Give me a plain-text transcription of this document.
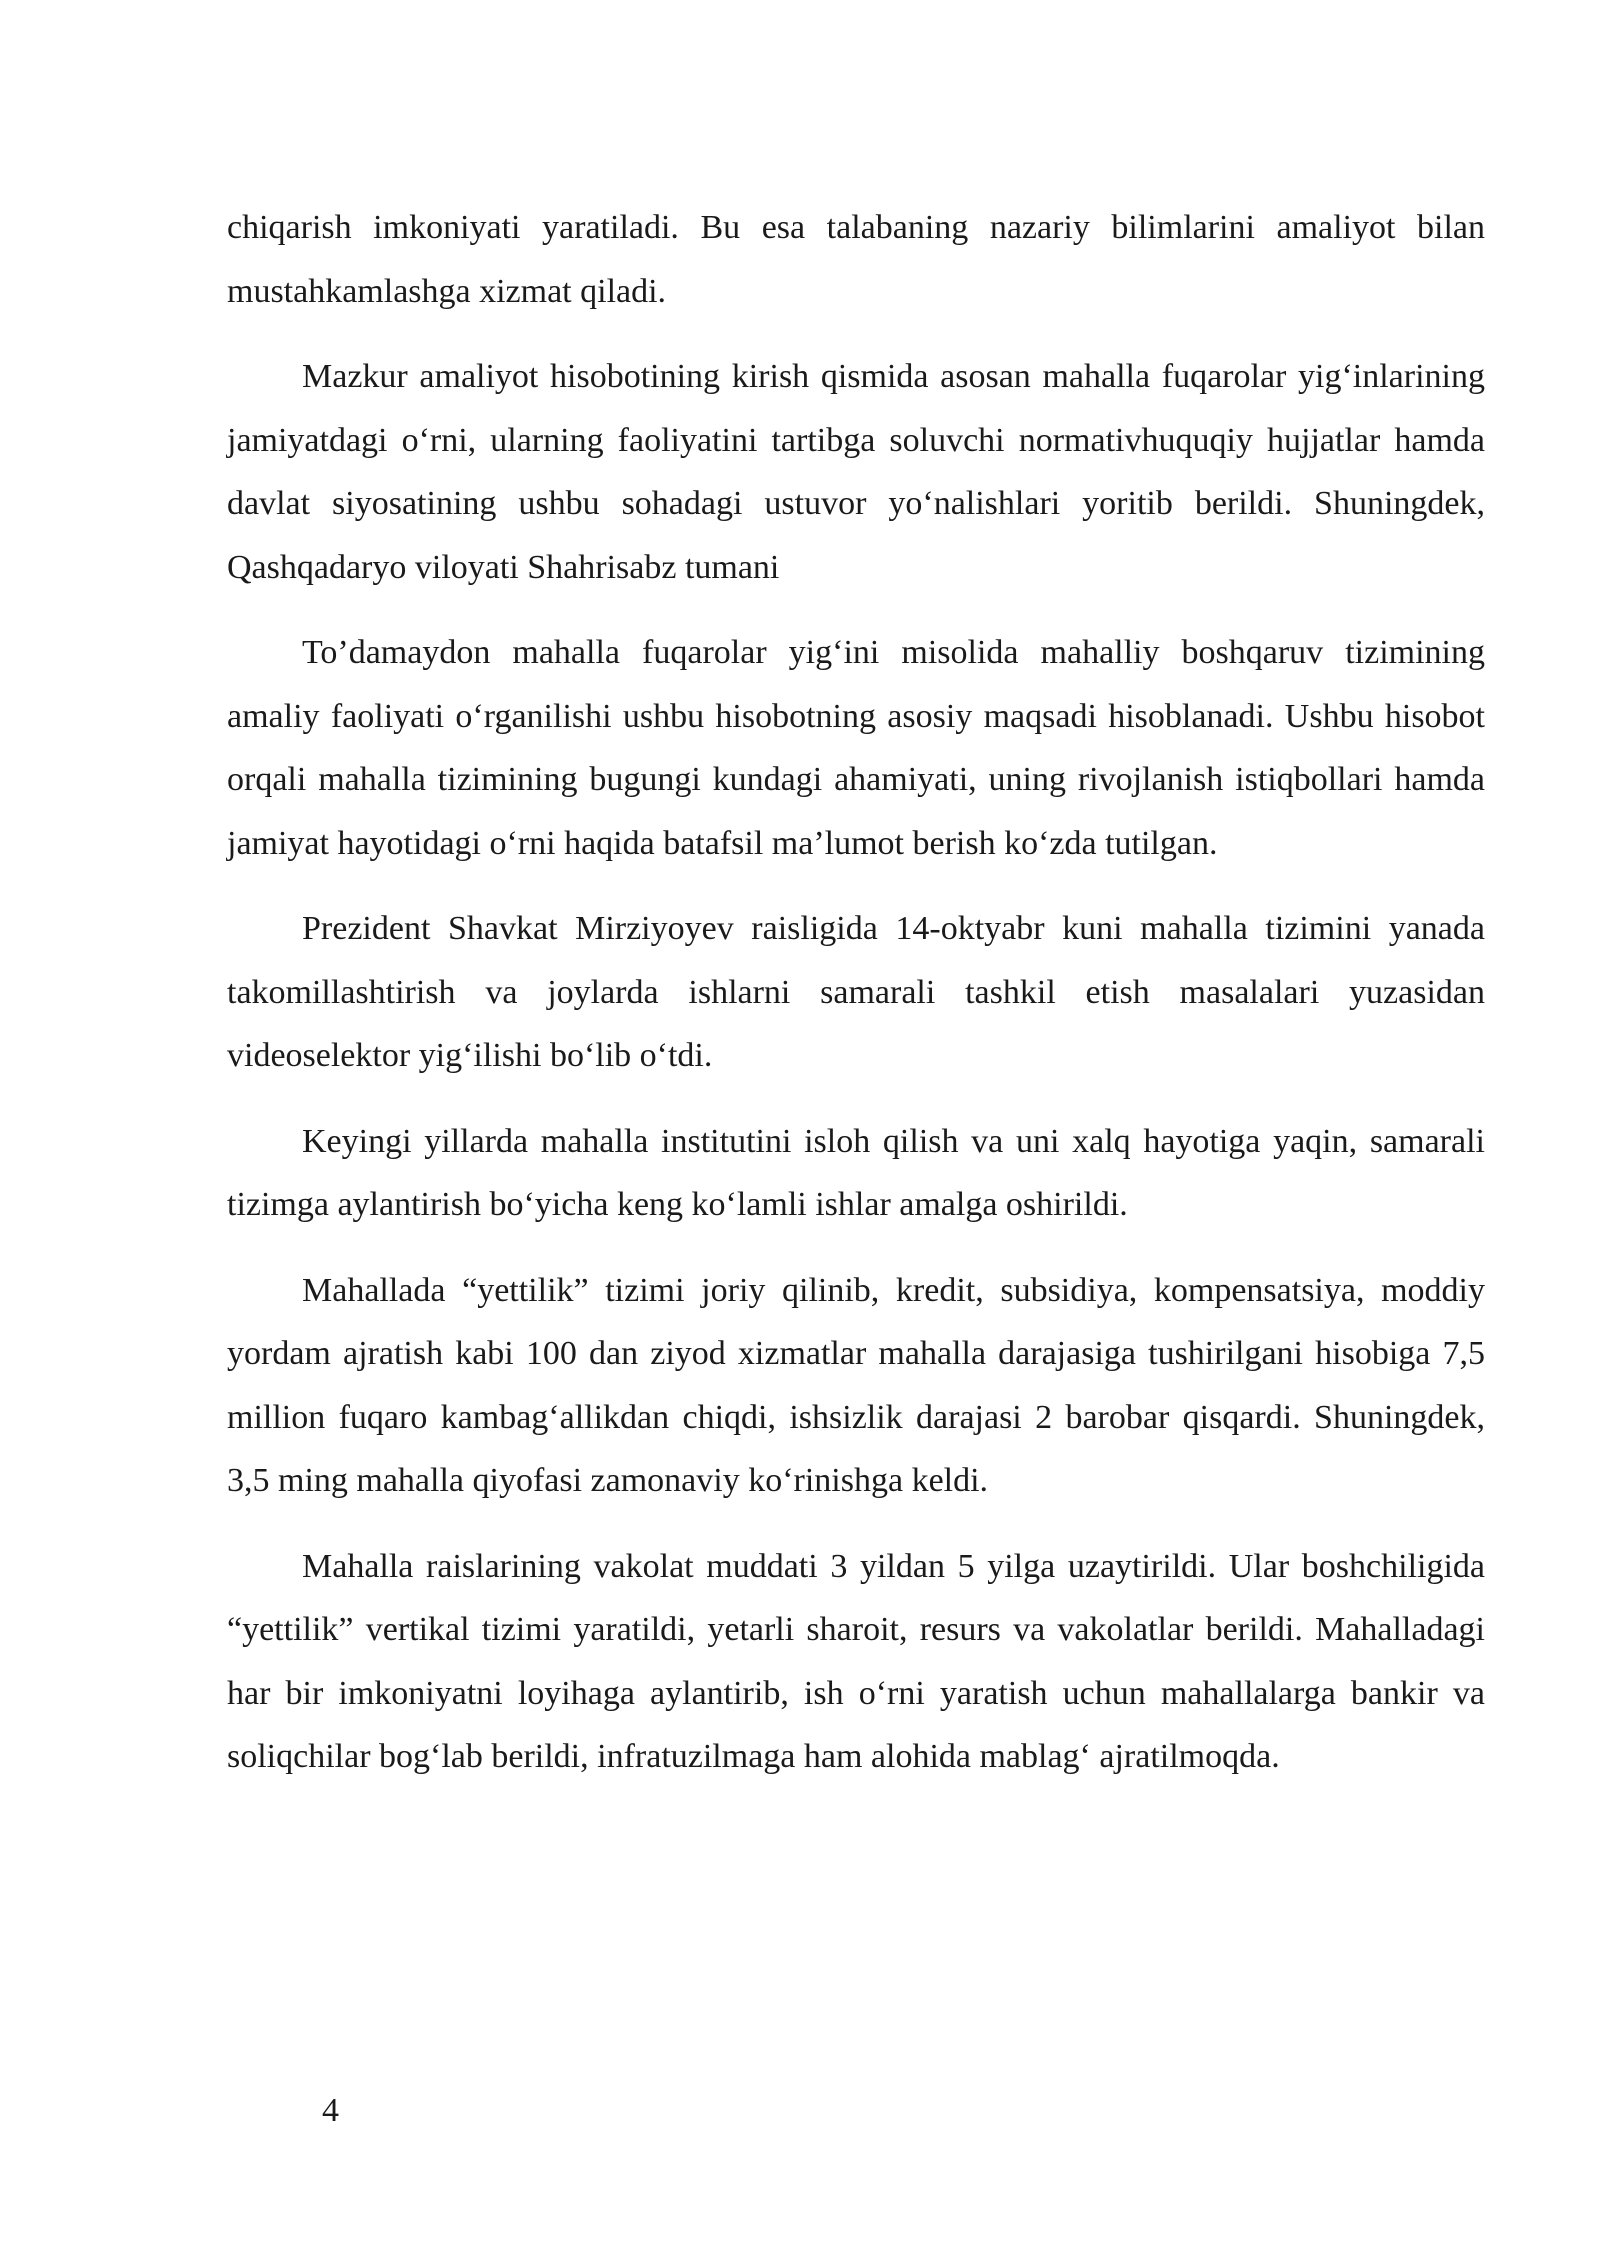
chiqarish imkoniyati yaratiladi. Bu esa talabaning nazariy bilimlarini amaliyot bilan mustahkamlashga xizmat qiladi.

Mazkur amaliyot hisobotining kirish qismida asosan mahalla fuqarolar yig‘inlarining jamiyatdagi o‘rni, ularning faoliyatini tartibga soluvchi normativhuquqiy hujjatlar hamda davlat siyosatining ushbu sohadagi ustuvor yo‘nalishlari yoritib berildi. Shuningdek, Qashqadaryo viloyati Shahrisabz tumani

To’damaydon mahalla fuqarolar yig‘ini misolida mahalliy boshqaruv tizimining amaliy faoliyati o‘rganilishi ushbu hisobotning asosiy maqsadi hisoblanadi. Ushbu hisobot orqali mahalla tizimining bugungi kundagi ahamiyati, uning rivojlanish istiqbollari hamda jamiyat hayotidagi o‘rni haqida batafsil ma’lumot berish ko‘zda tutilgan.

Prezident Shavkat Mirziyoyev raisligida 14-oktyabr kuni mahalla tizimini yanada takomillashtirish va joylarda ishlarni samarali tashkil etish masalalari yuzasidan videoselektor yig‘ilishi bo‘lib o‘tdi.

Keyingi yillarda mahalla institutini isloh qilish va uni xalq hayotiga yaqin, samarali tizimga aylantirish bo‘yicha keng ko‘lamli ishlar amalga oshirildi.

Mahallada “yettilik” tizimi joriy qilinib, kredit, subsidiya, kompensatsiya, moddiy yordam ajratish kabi 100 dan ziyod xizmatlar mahalla darajasiga tushirilgani hisobiga 7,5 million fuqaro kambag‘allikdan chiqdi, ishsizlik darajasi 2 barobar qisqardi. Shuningdek, 3,5 ming mahalla qiyofasi zamonaviy ko‘rinishga keldi.

Mahalla raislarining vakolat muddati 3 yildan 5 yilga uzaytirildi. Ular boshchiligida “yettilik” vertikal tizimi yaratildi, yetarli sharoit, resurs va vakolatlar berildi. Mahalladagi har bir imkoniyatni loyihaga aylantirib, ish o‘rni yaratish uchun mahallalarga bankir va soliqchilar bog‘lab berildi, infratuzilmaga ham alohida mablag‘ ajratilmoqda.

4
